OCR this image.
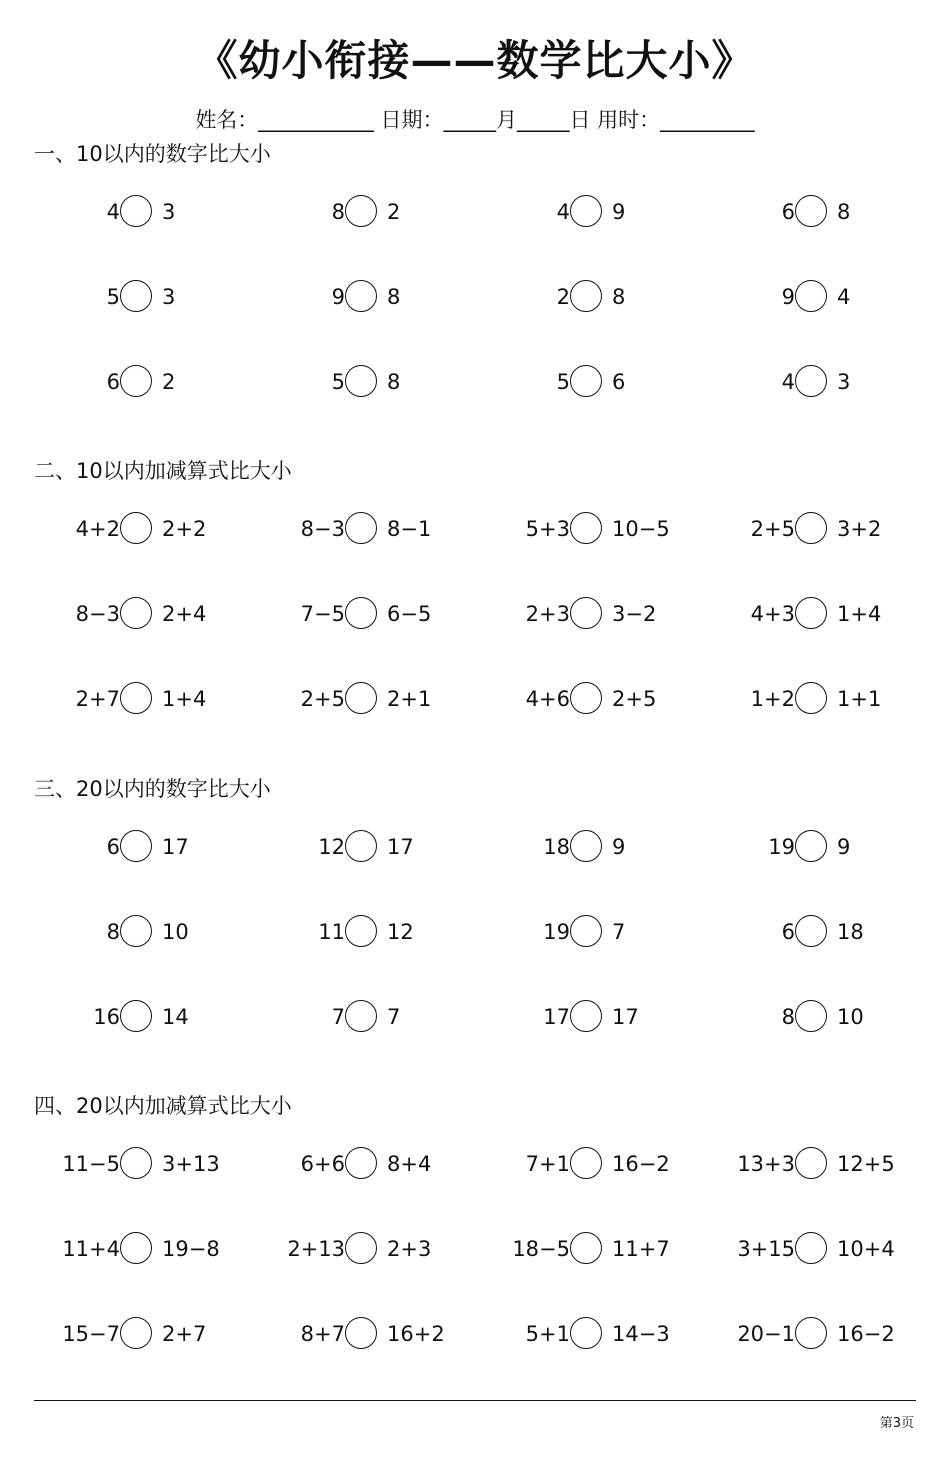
《幼小衔接——数学比大小》
姓名：___________ 日期：_____月_____日 用时：_________
一、10以内的数字比大小
4 3	8 2	4 9	6 8
5 3	9 8	2 8	9 4
6 2	5 8	5 6	4 3
二、10以内加减算式比大小
4+2 2+2	8−3 8−1	5+3 10−5	2+5 3+2
8−3 2+4	7−5 6−5	2+3 3−2	4+3 1+4
2+7 1+4	2+5 2+1	4+6 2+5	1+2 1+1
三、20以内的数字比大小
6 17	12 17	18 9	19 9
8 10	11 12	19 7	6 18
16 14	7 7	17 17	8 10
四、20以内加减算式比大小
11−5 3+13	6+6 8+4	7+1 16−2	13+3 12+5
11+4 19−8	2+13 2+3	18−5 11+7	3+15 10+4
15−7 2+7	8+7 16+2	5+1 14−3	20−1 16−2
第3页
